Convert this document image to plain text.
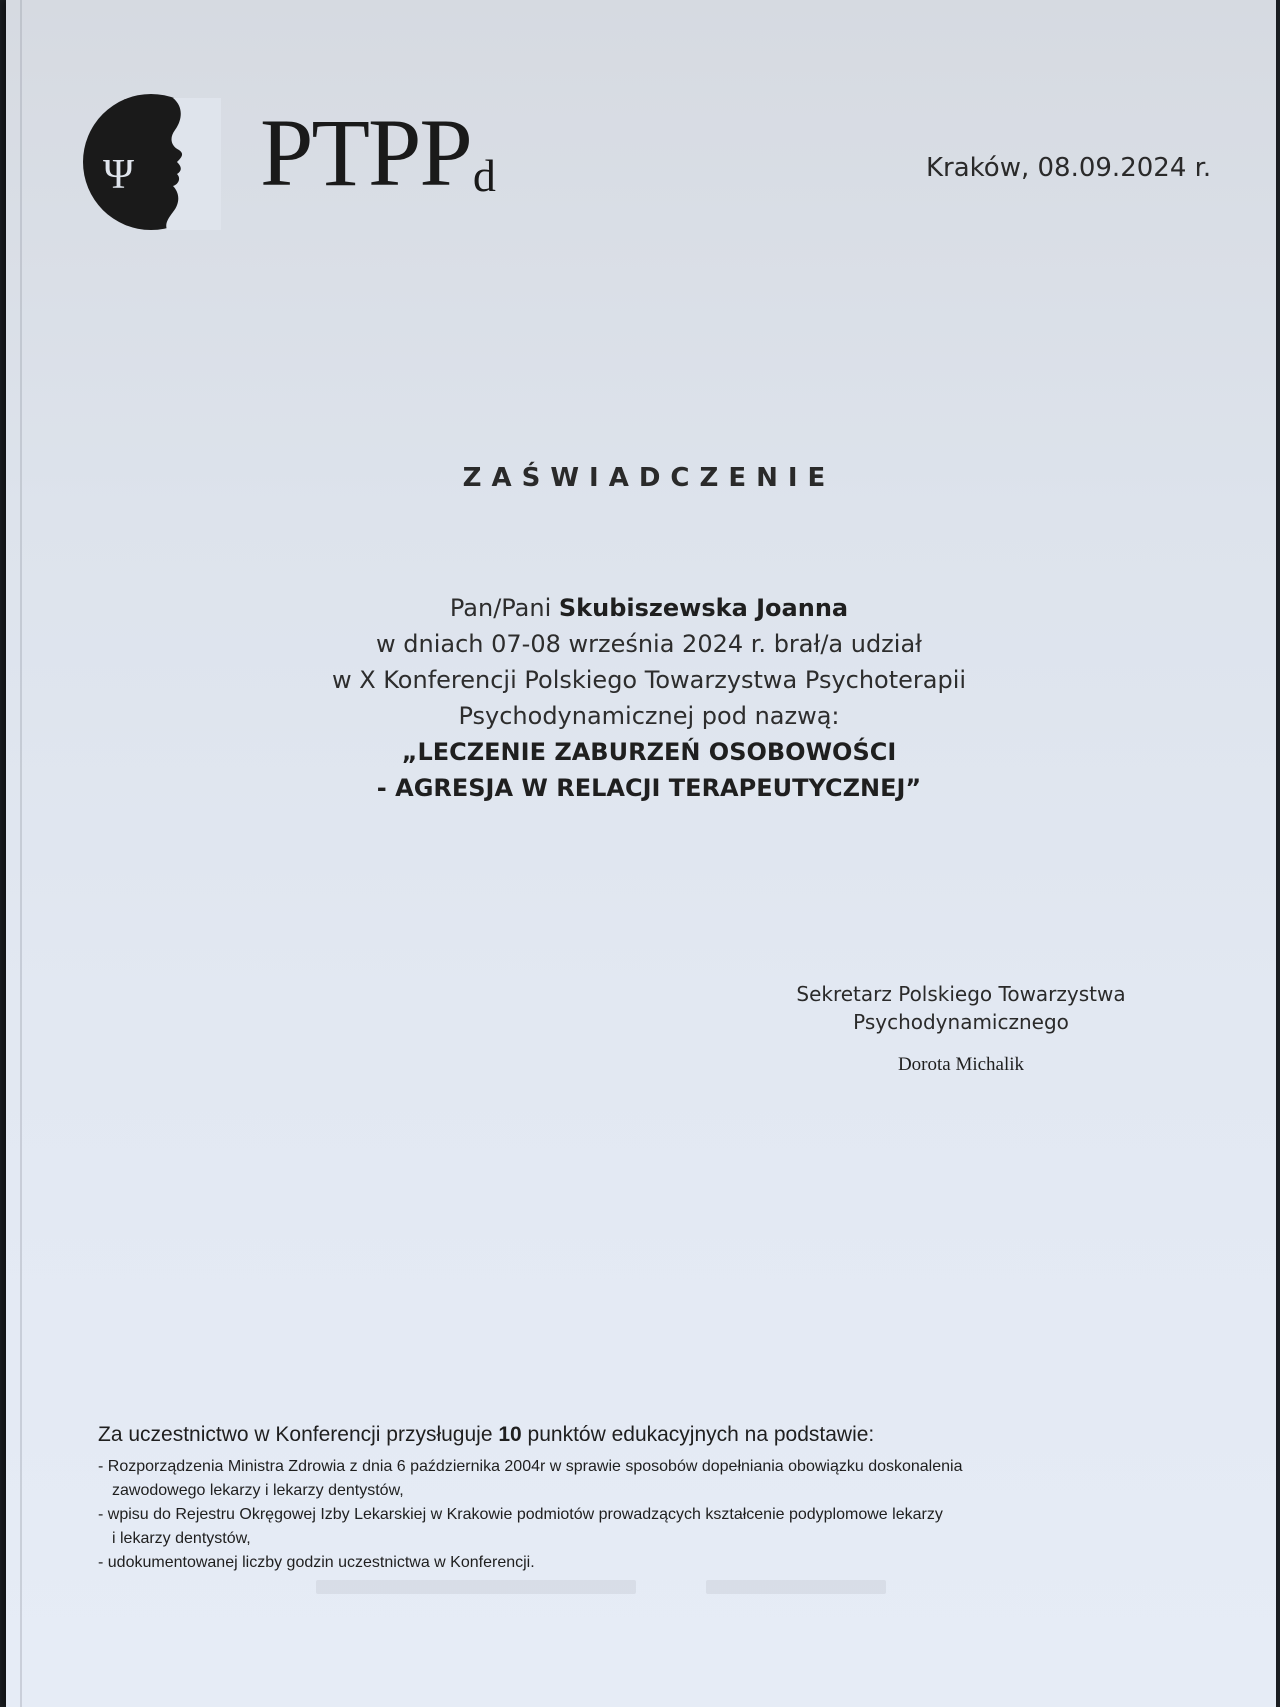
Ψ PTPPd	Kraków, 08.09.2024 r.
ZAŚWIADCZENIE
Pan/Pani Skubiszewska Joanna
w dniach 07-08 września 2024 r. brał/a udział
w X Konferencji Polskiego Towarzystwa Psychoterapii
Psychodynamicznej pod nazwą:
„LECZENIE ZABURZEŃ OSOBOWOŚCI
- AGRESJA W RELACJI TERAPEUTYCZNEJ”
Sekretarz Polskiego Towarzystwa
Psychodynamicznego
Dorota Michalik
Za uczestnictwo w Konferencji przysługuje 10 punktów edukacyjnych na podstawie:
- Rozporządzenia Ministra Zdrowia z dnia 6 października 2004r w sprawie sposobów dopełniania obowiązku doskonalenia
zawodowego lekarzy i lekarzy dentystów,
- wpisu do Rejestru Okręgowej Izby Lekarskiej w Krakowie podmiotów prowadzących kształcenie podyplomowe lekarzy
i lekarzy dentystów,
- udokumentowanej liczby godzin uczestnictwa w Konferencji.
